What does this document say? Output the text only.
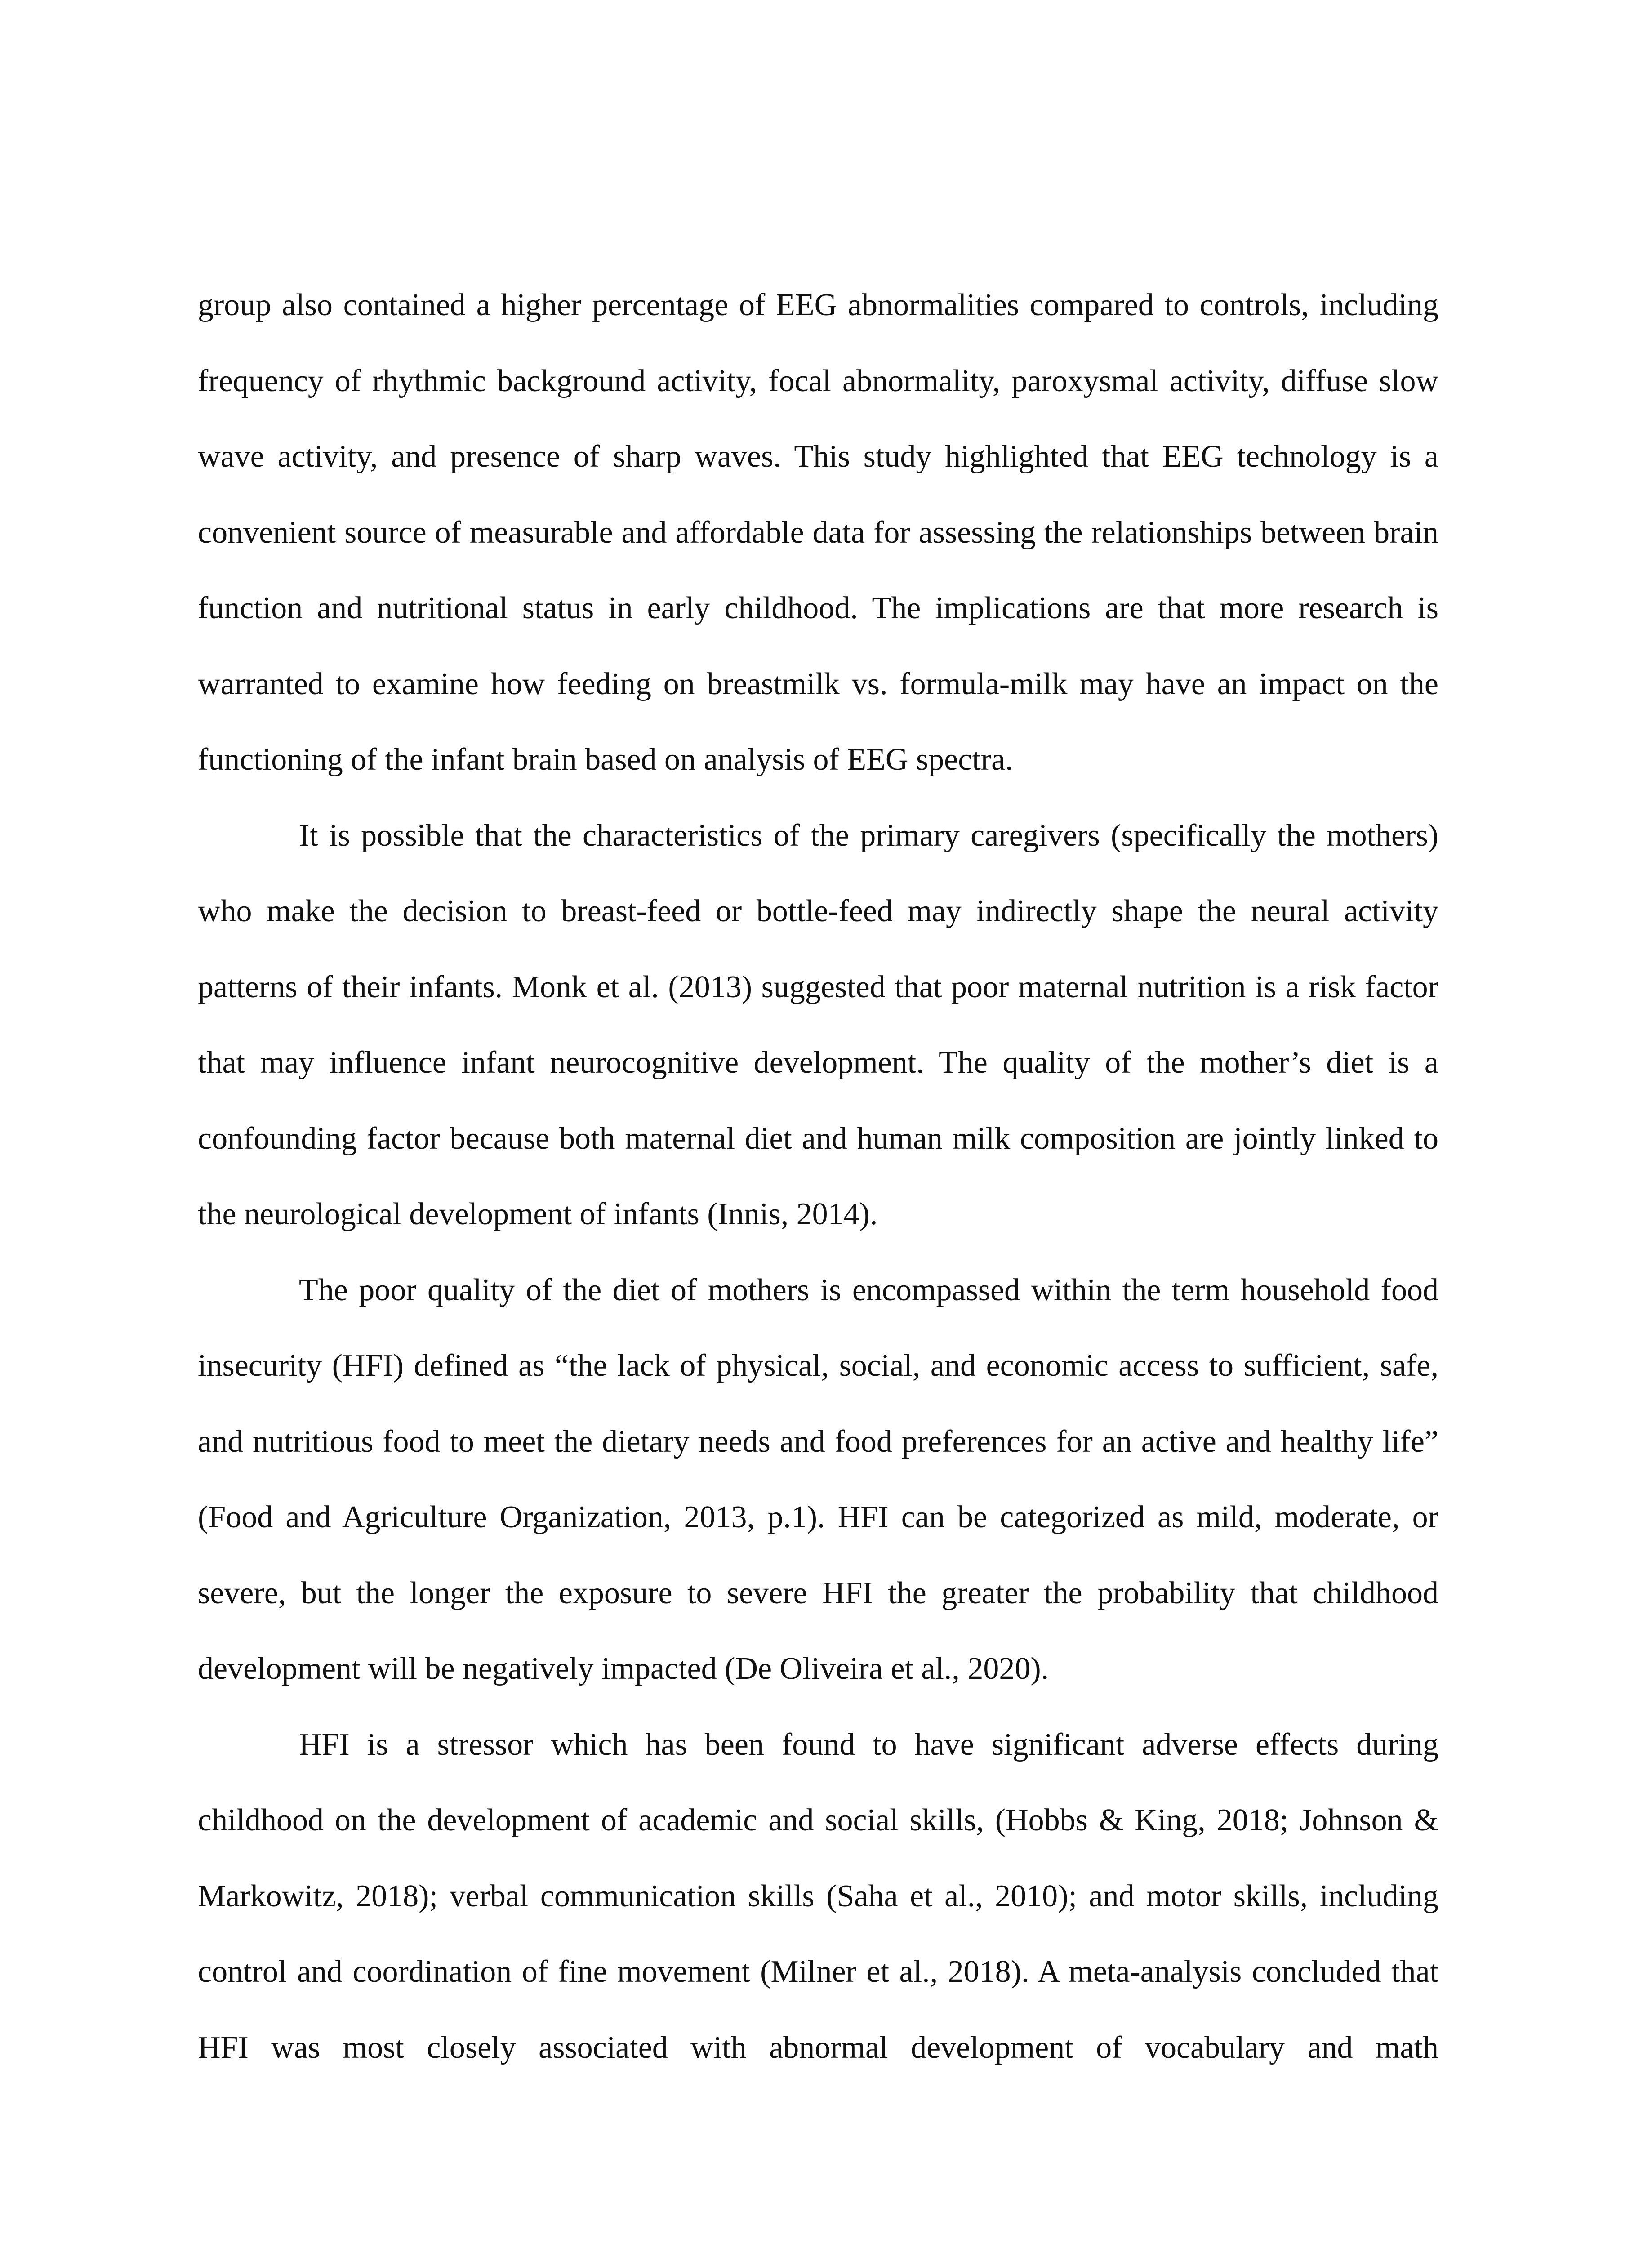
group also contained a higher percentage of EEG abnormalities compared to controls, including frequency of rhythmic background activity, focal abnormality, paroxysmal activity, diffuse slow wave activity, and presence of sharp waves. This study highlighted that EEG technology is a convenient source of measurable and affordable data for assessing the relationships between brain function and nutritional status in early childhood. The implications are that more research is warranted to examine how feeding on breastmilk vs. formula-milk may have an impact on the functioning of the infant brain based on analysis of EEG spectra.

It is possible that the characteristics of the primary caregivers (specifically the mothers) who make the decision to breast-feed or bottle-feed may indirectly shape the neural activity patterns of their infants. Monk et al. (2013) suggested that poor maternal nutrition is a risk factor that may influence infant neurocognitive development. The quality of the mother’s diet is a confounding factor because both maternal diet and human milk composition are jointly linked to the neurological development of infants (Innis, 2014).

The poor quality of the diet of mothers is encompassed within the term household food insecurity (HFI) defined as “the lack of physical, social, and economic access to sufficient, safe, and nutritious food to meet the dietary needs and food preferences for an active and healthy life” (Food and Agriculture Organization, 2013, p.1). HFI can be categorized as mild, moderate, or severe, but the longer the exposure to severe HFI the greater the probability that childhood development will be negatively impacted (De Oliveira et al., 2020).

HFI is a stressor which has been found to have significant adverse effects during childhood on the development of academic and social skills, (Hobbs & King, 2018; Johnson & Markowitz, 2018); verbal communication skills (Saha et al., 2010); and motor skills, including control and coordination of fine movement (Milner et al., 2018). A meta-analysis concluded that HFI was most closely associated with abnormal development of vocabulary and math
